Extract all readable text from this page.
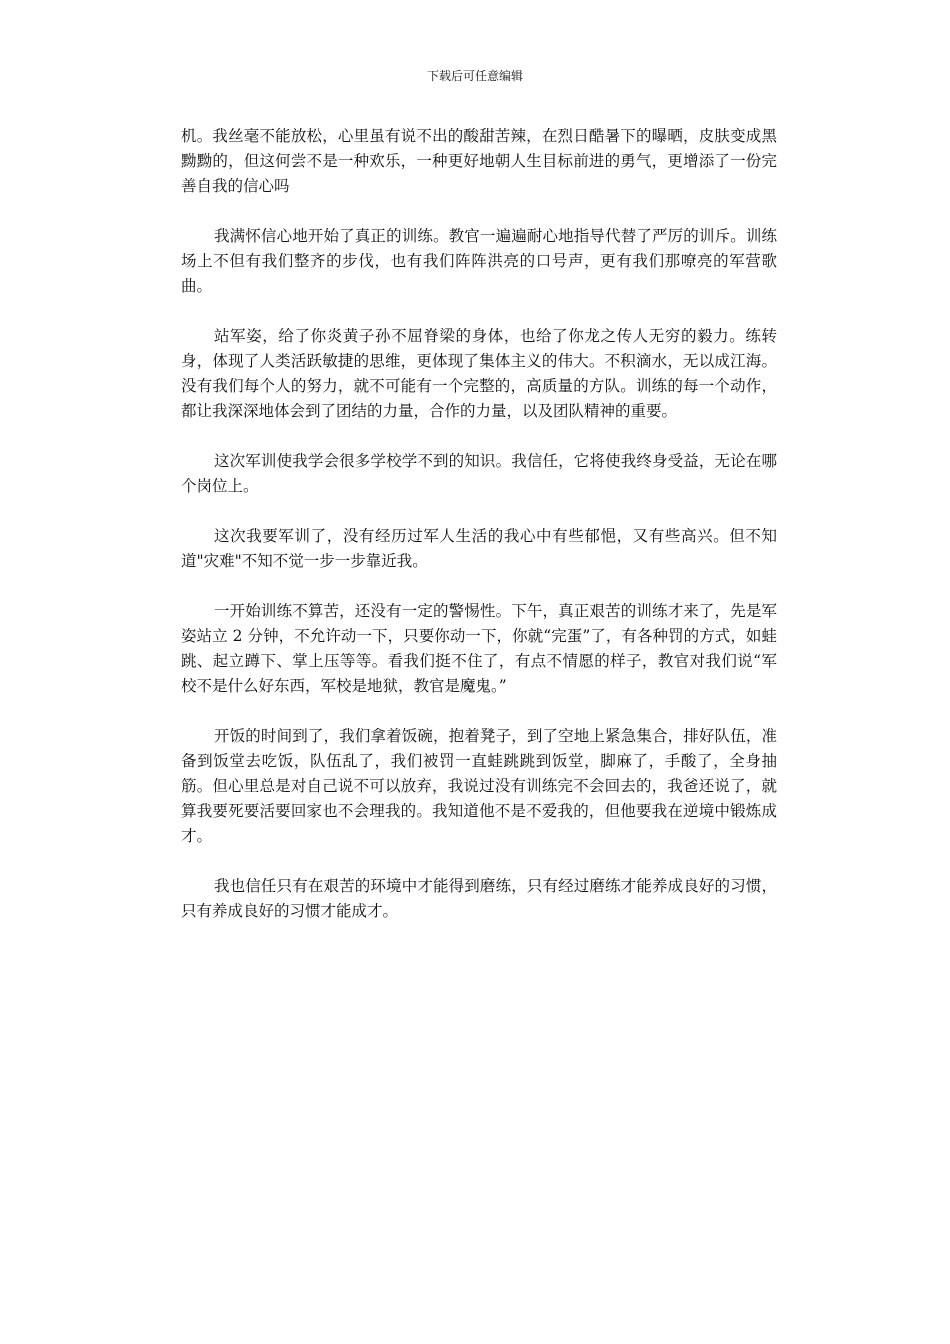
下载后可任意编辑

机。我丝毫不能放松，心里虽有说不出的酸甜苦辣，在烈日酷暑下的曝晒，皮肤变成黑黝黝的，但这何尝不是一种欢乐，一种更好地朝人生目标前进的勇气，更增添了一份完善自我的信心吗

我满怀信心地开始了真正的训练。教官一遍遍耐心地指导代替了严厉的训斥。训练场上不但有我们整齐的步伐，也有我们阵阵洪亮的口号声，更有我们那嘹亮的军营歌曲。

站军姿，给了你炎黄子孙不屈脊梁的身体，也给了你龙之传人无穷的毅力。练转身，体现了人类活跃敏捷的思维，更体现了集体主义的伟大。不积滴水，无以成江海。没有我们每个人的努力，就不可能有一个完整的，高质量的方队。训练的每一个动作，都让我深深地体会到了团结的力量，合作的力量，以及团队精神的重要。

这次军训使我学会很多学校学不到的知识。我信任，它将使我终身受益，无论在哪个岗位上。

这次我要军训了，没有经历过军人生活的我心中有些郁悒，又有些高兴。但不知道"灾难"不知不觉一步一步靠近我。

一开始训练不算苦，还没有一定的警惕性。下午，真正艰苦的训练才来了，先是军姿站立 2 分钟，不允许动一下，只要你动一下，你就“完蛋”了，有各种罚的方式，如蛙跳、起立蹲下、掌上压等等。看我们挺不住了，有点不情愿的样子，教官对我们说“军校不是什么好东西，军校是地狱，教官是魔鬼。”

开饭的时间到了，我们拿着饭碗，抱着凳子，到了空地上紧急集合，排好队伍，准备到饭堂去吃饭，队伍乱了，我们被罚一直蛙跳跳到饭堂，脚麻了，手酸了，全身抽筋。但心里总是对自己说不可以放弃，我说过没有训练完不会回去的，我爸还说了，就算我要死要活要回家也不会理我的。我知道他不是不爱我的，但他要我在逆境中锻炼成才。

我也信任只有在艰苦的环境中才能得到磨练，只有经过磨练才能养成良好的习惯，只有养成良好的习惯才能成才。
